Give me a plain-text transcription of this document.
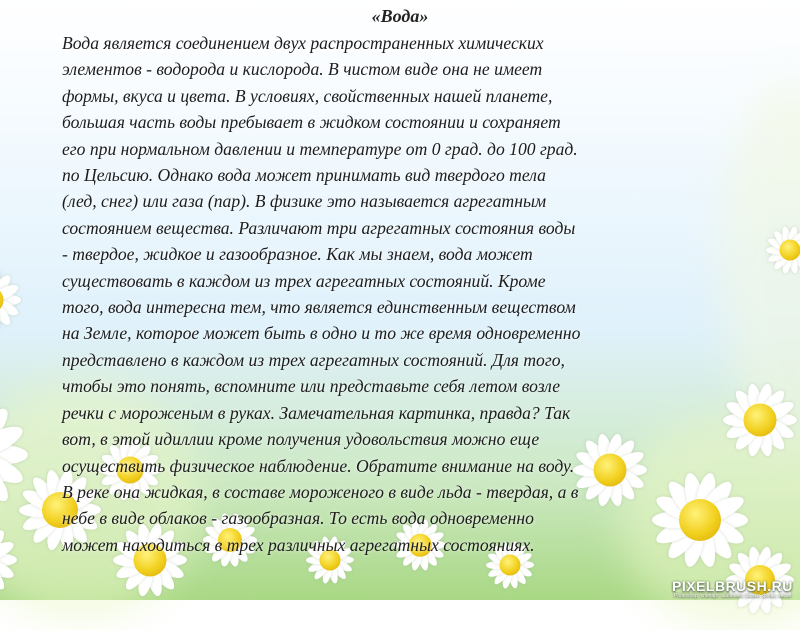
«Вода»
Вода является соединением двух распространенных химических
элементов - водорода и кислорода. В чистом виде она не имеет
формы, вкуса и цвета. В условиях, свойственных нашей планете,
большая часть воды пребывает в жидком состоянии и сохраняет
его при нормальном давлении и температуре от 0 град. до 100 град.
по Цельсию. Однако вода может принимать вид твердого тела
(лед, снег) или газа (пар). В физике это называется агрегатным
состоянием вещества. Различают три агрегатных состояния воды
- твердое, жидкое и газообразное. Как мы знаем, вода может
существовать в каждом из трех агрегатных состояний. Кроме
того, вода интересна тем, что является единственным веществом
на Земле, которое может быть в одно и то же время одновременно
представлено в каждом из трех агрегатных состояний. Для того,
чтобы это понять, вспомните или представьте себя летом возле
речки с мороженым в руках. Замечательная картинка, правда? Так
вот, в этой идиллии кроме получения удовольствия можно еще
осуществить физическое наблюдение. Обратите внимание на воду.
В реке она жидкая, в составе мороженого в виде льда - твердая, а в
небе в виде облаков - газообразная. То есть вода одновременно
может находиться в трех различных агрегатных состояниях.
PIXELBRUSH.RU
Photoshop, клипарт, шаблоны, рамки, фоны, кисти
